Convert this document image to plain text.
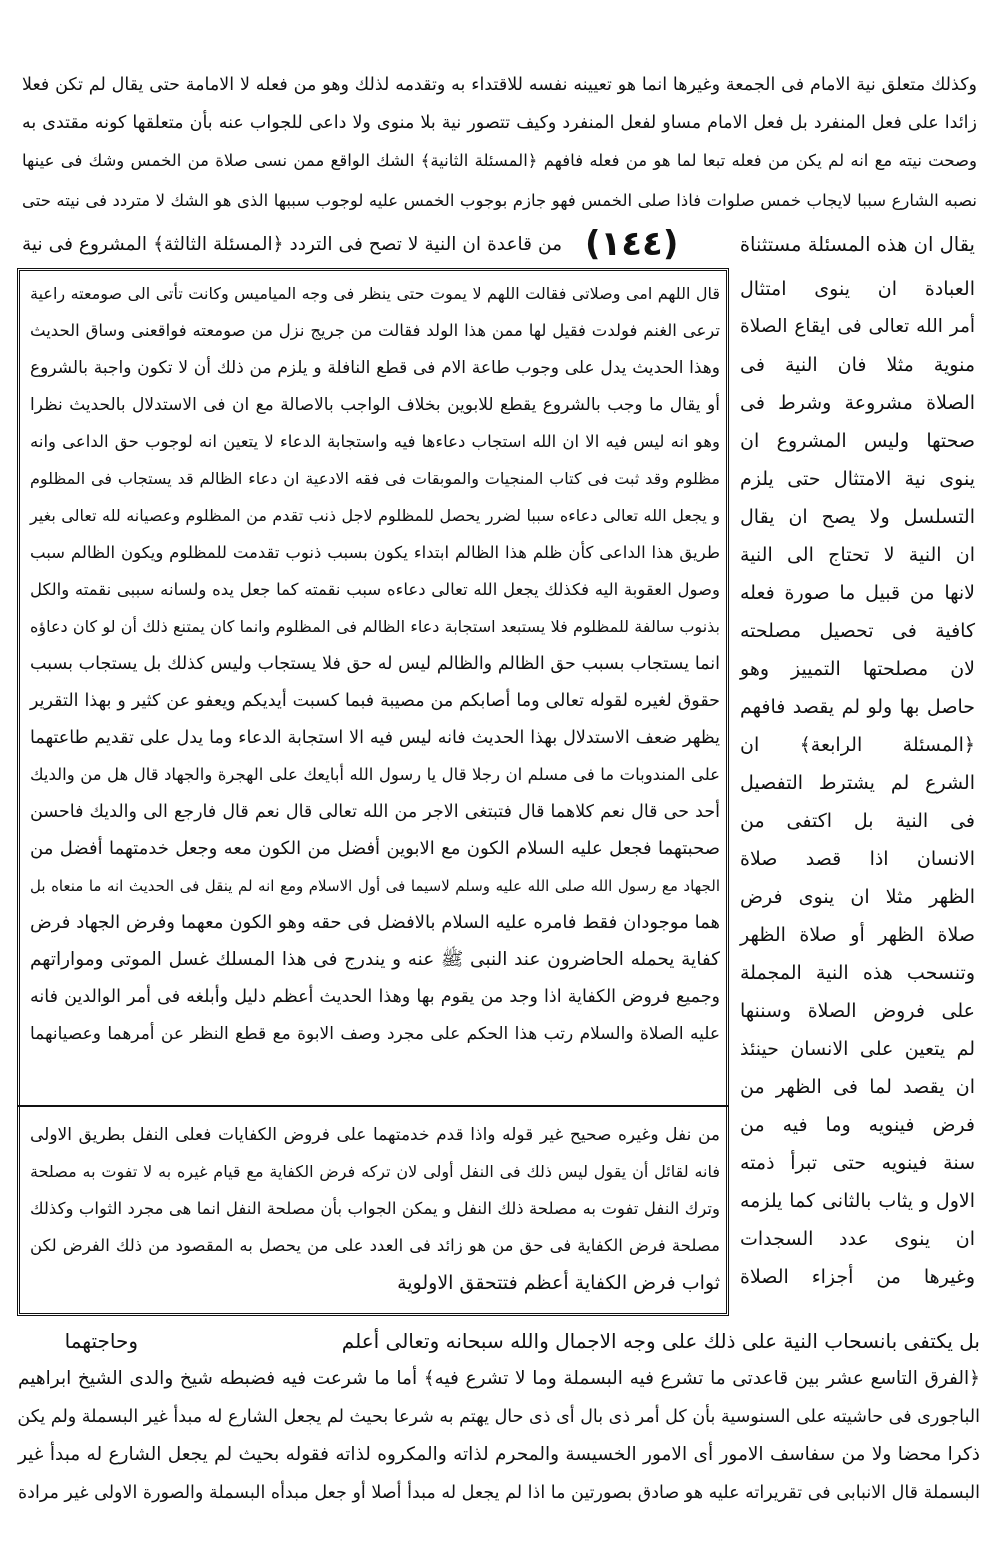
(١٤٤)
وكذلك متعلق نية الامام فى الجمعة وغيرها انما هو تعيينه نفسه للاقتداء به وتقدمه لذلك وهو من فعله لا الامامة حتى يقال لم تكن فعلا
زائدا على فعل المنفرد بل فعل الامام مساو لفعل المنفرد وكيف تتصور نية بلا منوى ولا داعى للجواب عنه بأن متعلقها كونه مقتدى به
وصحت نيته مع انه لم يكن من فعله تبعا لما هو من فعله فافهم ﴿المسئلة الثانية﴾ الشك الواقع ممن نسى صلاة من الخمس وشك فى عينها
نصبه الشارع سببا لايجاب خمس صلوات فاذا صلى الخمس فهو جازم بوجوب الخمس عليه لوجوب سببها الذى هو الشك لا متردد فى نيته حتى
يقال ان هذه المسئلة مستثناة
من قاعدة ان النية لا تصح فى التردد ﴿المسئلة الثالثة﴾ المشروع فى نية
العبادة ان ينوى امتثال
أمر الله تعالى فى ايقاع الصلاة
منوية مثلا فان النية فى
الصلاة مشروعة وشرط فى
صحتها وليس المشروع ان
ينوى نية الامتثال حتى يلزم
التسلسل ولا يصح ان يقال
ان النية لا تحتاج الى النية
لانها من قبيل ما صورة فعله
كافية فى تحصيل مصلحته
لان مصلحتها التمييز وهو
حاصل بها ولو لم يقصد فافهم
﴿المسئلة الرابعة﴾ ان
الشرع لم يشترط التفصيل
فى النية بل اكتفى من
الانسان اذا قصد صلاة
الظهر مثلا ان ينوى فرض
صلاة الظهر أو صلاة الظهر
وتنسحب هذه النية المجملة
على فروض الصلاة وسننها
لم يتعين على الانسان حينئذ
ان يقصد لما فى الظهر من
فرض فينويه وما فيه من
سنة فينويه حتى تبرأ ذمته
الاول و يثاب بالثانى كما يلزمه
ان ينوى عدد السجدات
وغيرها من أجزاء الصلاة
قال اللهم امى وصلاتى فقالت اللهم لا يموت حتى ينظر فى وجه المياميس وكانت تأتى الى صومعته راعية
ترعى الغنم فولدت فقيل لها ممن هذا الولد فقالت من جريج نزل من صومعته فواقعنى وساق الحديث
وهذا الحديث يدل على وجوب طاعة الام فى قطع النافلة و يلزم من ذلك أن لا تكون واجبة بالشروع
أو يقال ما وجب بالشروع يقطع للابوين بخلاف الواجب بالاصالة مع ان فى الاستدلال بالحديث نظرا
وهو انه ليس فيه الا ان الله استجاب دعاءها فيه واستجابة الدعاء لا يتعين انه لوجوب حق الداعى وانه
مظلوم وقد ثبت فى كتاب المنجيات والموبقات فى فقه الادعية ان دعاء الظالم قد يستجاب فى المظلوم
و يجعل الله تعالى دعاءه سببا لضرر يحصل للمظلوم لاجل ذنب تقدم من المظلوم وعصيانه لله تعالى بغير
طريق هذا الداعى كأن ظلم هذا الظالم ابتداء يكون بسبب ذنوب تقدمت للمظلوم ويكون الظالم سبب
وصول العقوبة اليه فكذلك يجعل الله تعالى دعاءه سبب نقمته كما جعل يده ولسانه سببى نقمته والكل
بذنوب سالفة للمظلوم فلا يستبعد استجابة دعاء الظالم فى المظلوم وانما كان يمتنع ذلك أن لو كان دعاؤه
انما يستجاب بسبب حق الظالم والظالم ليس له حق فلا يستجاب وليس كذلك بل يستجاب بسبب
حقوق لغيره لقوله تعالى وما أصابكم من مصيبة فبما كسبت أيديكم ويعفو عن كثير و بهذا التقرير
يظهر ضعف الاستدلال بهذا الحديث فانه ليس فيه الا استجابة الدعاء وما يدل على تقديم طاعتهما
على المندوبات ما فى مسلم ان رجلا قال يا رسول الله أبايعك على الهجرة والجهاد قال هل من والديك
أحد حى قال نعم كلاهما قال فتبتغى الاجر من الله تعالى قال نعم قال فارجع الى والديك فاحسن
صحبتهما فجعل عليه السلام الكون مع الابوين أفضل من الكون معه وجعل خدمتهما أفضل من
الجهاد مع رسول الله صلى الله عليه وسلم لاسيما فى أول الاسلام ومع انه لم ينقل فى الحديث انه ما منعاه بل
هما موجودان فقط فامره عليه السلام بالافضل فى حقه وهو الكون معهما وفرض الجهاد فرض
كفاية يحمله الحاضرون عند النبى ﷺ عنه و يندرج فى هذا المسلك غسل الموتى ومواراتهم
وجميع فروض الكفاية اذا وجد من يقوم بها وهذا الحديث أعظم دليل وأبلغه فى أمر الوالدين فانه
عليه الصلاة والسلام رتب هذا الحكم على مجرد وصف الابوة مع قطع النظر عن أمرهما وعصيانهما
من نفل وغيره صحيح غير قوله واذا قدم خدمتهما على فروض الكفايات فعلى النفل بطريق الاولى
فانه لقائل أن يقول ليس ذلك فى النفل أولى لان تركه فرض الكفاية مع قيام غيره به لا تفوت به مصلحة
وترك النفل تفوت به مصلحة ذلك النفل و يمكن الجواب بأن مصلحة النفل انما هى مجرد الثواب وكذلك
مصلحة فرض الكفاية فى حق من هو زائد فى العدد على من يحصل به المقصود من ذلك الفرض لكن
ثواب فرض الكفاية أعظم فتتحقق الاولوية
بل يكتفى بانسحاب النية على ذلك على وجه الاجمال والله سبحانه وتعالى أعلم
وحاجتهما
﴿الفرق التاسع عشر بين قاعدتى ما تشرع فيه البسملة وما لا تشرع فيه﴾ أما ما شرعت فيه فضبطه شيخ والدى الشيخ ابراهيم
الباجورى فى حاشيته على السنوسية بأن كل أمر ذى بال أى ذى حال يهتم به شرعا بحيث لم يجعل الشارع له مبدأ غير البسملة ولم يكن
ذكرا محضا ولا من سفاسف الامور أى الامور الخسيسة والمحرم لذاته والمكروه لذاته فقوله بحيث لم يجعل الشارع له مبدأ غير
البسملة قال الانبابى فى تقريراته عليه هو صادق بصورتين ما اذا لم يجعل له مبدأ أصلا أو جعل مبدأه البسملة والصورة الاولى غير مرادة
